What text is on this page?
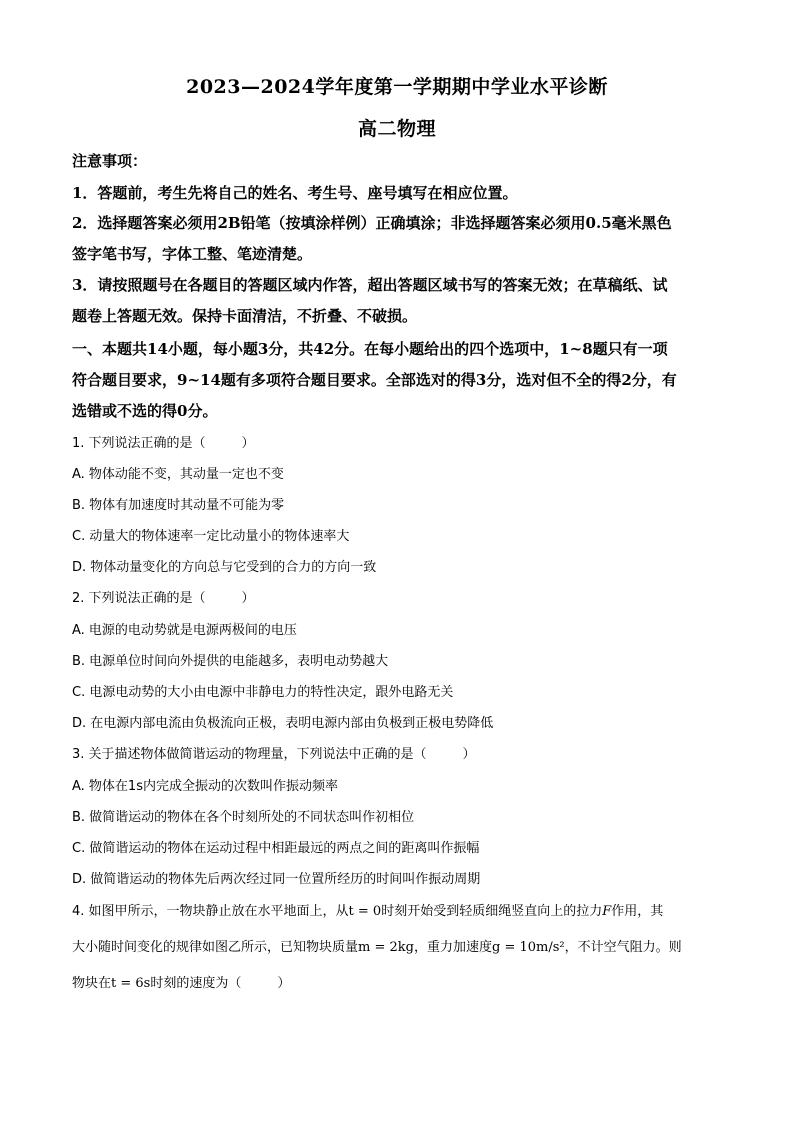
2023—2024学年度第一学期期中学业水平诊断
高二物理
注意事项：
1．答题前，考生先将自己的姓名、考生号、座号填写在相应位置。
2．选择题答案必须用2B铅笔（按填涂样例）正确填涂；非选择题答案必须用0.5毫米黑色
签字笔书写，字体工整、笔迹清楚。
3．请按照题号在各题目的答题区域内作答，超出答题区域书写的答案无效；在草稿纸、试
题卷上答题无效。保持卡面清洁，不折叠、不破损。
一、本题共14小题，每小题3分，共42分。在每小题给出的四个选项中，1~8题只有一项
符合题目要求，9~14题有多项符合题目要求。全部选对的得3分，选对但不全的得2分，有
选错或不选的得0分。
1. 下列说法正确的是（	）
A. 物体动能不变，其动量一定也不变
B. 物体有加速度时其动量不可能为零
C. 动量大的物体速率一定比动量小的物体速率大
D. 物体动量变化的方向总与它受到的合力的方向一致
2. 下列说法正确的是（	）
A. 电源的电动势就是电源两极间的电压
B. 电源单位时间向外提供的电能越多，表明电动势越大
C. 电源电动势的大小由电源中非静电力的特性决定，跟外电路无关
D. 在电源内部电流由负极流向正极，表明电源内部由负极到正极电势降低
3. 关于描述物体做简谐运动的物理量，下列说法中正确的是（	）
A. 物体在1s内完成全振动的次数叫作振动频率
B. 做简谐运动的物体在各个时刻所处的不同状态叫作初相位
C. 做简谐运动的物体在运动过程中相距最远的两点之间的距离叫作振幅
D. 做简谐运动的物体先后两次经过同一位置所经历的时间叫作振动周期
4. 如图甲所示，一物块静止放在水平地面上，从t = 0时刻开始受到轻质细绳竖直向上的拉力F作用，其
大小随时间变化的规律如图乙所示，已知物块质量m = 2kg，重力加速度g = 10m/s²，不计空气阻力。则
物块在t = 6s时刻的速度为（	）
